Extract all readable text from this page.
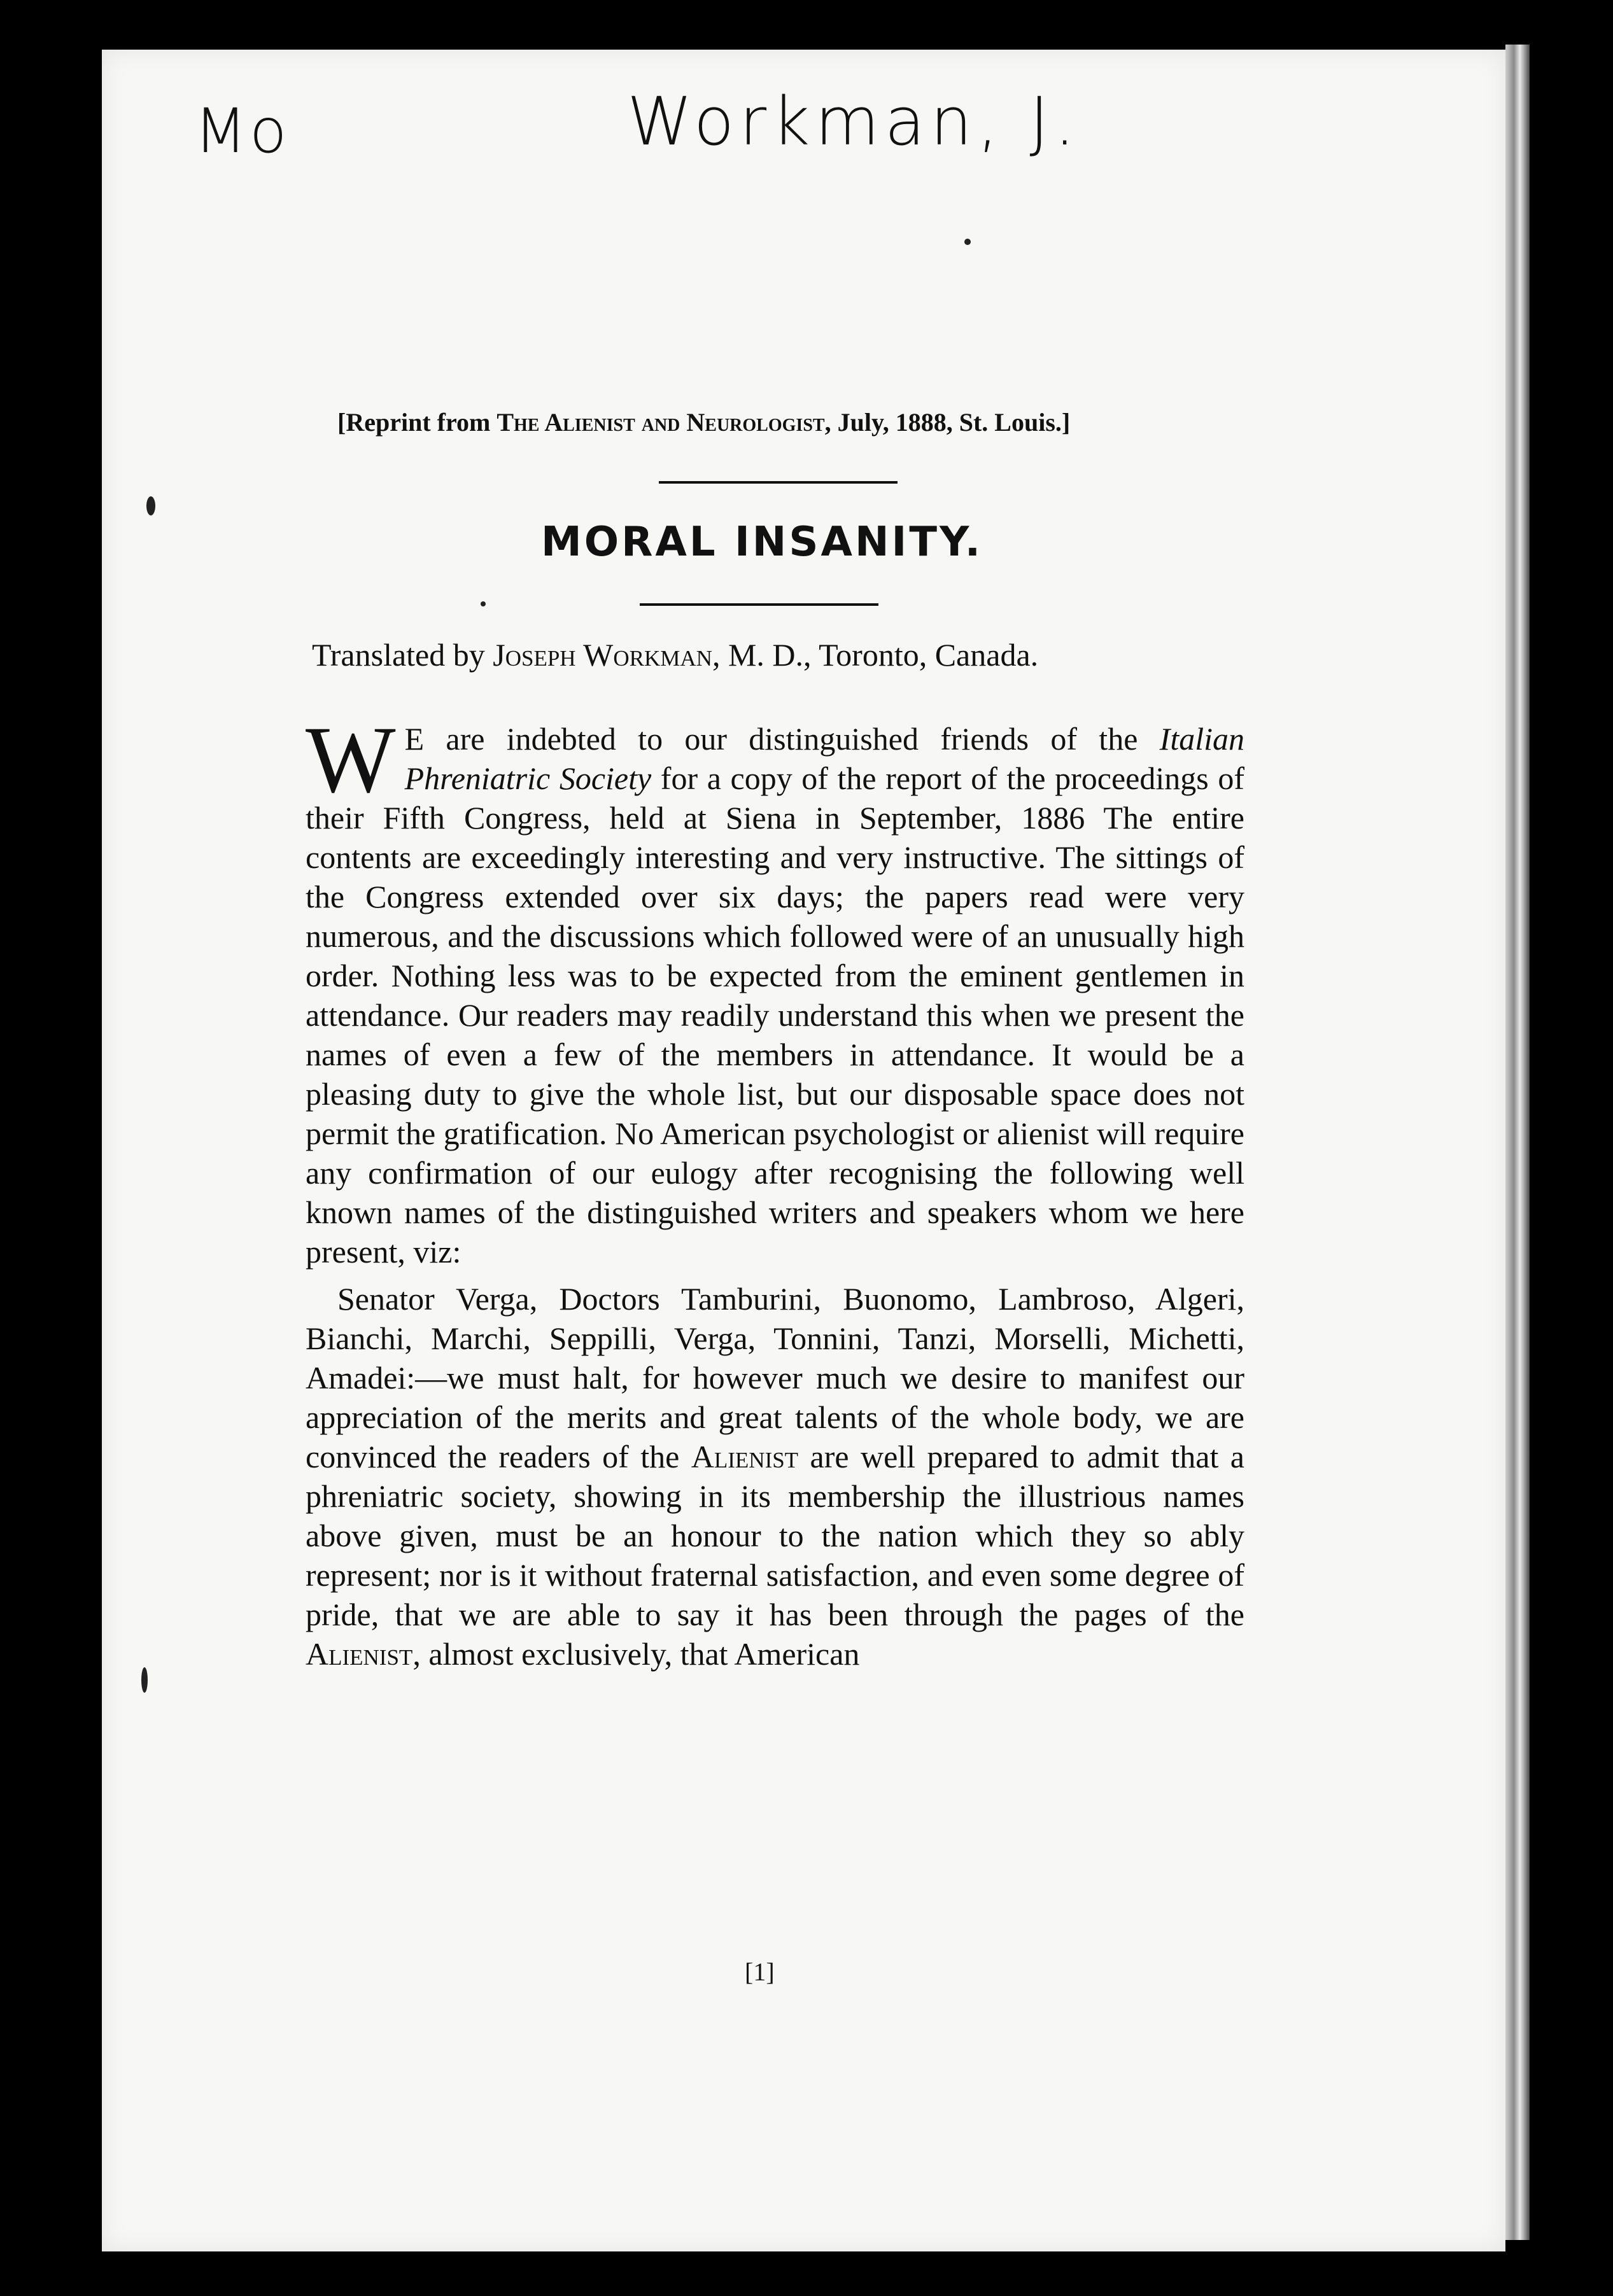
Mo	Workman, J.
[Reprint from The Alienist and Neurologist, July, 1888, St. Louis.]
MORAL INSANITY.
Translated by Joseph Workman, M. D., Toronto, Canada.

W E are indebted to our distinguished friends of the Italian Phreniatric Society for a copy of the report of the proceedings of their Fifth Congress, held at Siena in September, 1886 The entire contents are exceedingly interesting and very instructive. The sittings of the Congress extended over six days; the papers read were very numerous, and the discussions which followed were of an unusually high order. Nothing less was to be expected from the eminent gentlemen in attendance. Our readers may readily understand this when we present the names of even a few of the members in attendance. It would be a pleasing duty to give the whole list, but our disposable space does not permit the gratification. No American psychologist or alienist will require any confirmation of our eulogy after recognising the following well known names of the distinguished writers and speakers whom we here present, viz:

Senator Verga, Doctors Tamburini, Buonomo, Lambroso, Algeri, Bianchi, Marchi, Seppilli, Verga, Tonnini, Tanzi, Morselli, Michetti, Amadei:—we must halt, for however much we desire to manifest our appreciation of the merits and great talents of the whole body, we are convinced the readers of the Alienist are well prepared to admit that a phreniatric society, showing in its membership the illustrious names above given, must be an honour to the nation which they so ably represent; nor is it without fraternal satisfaction, and even some degree of pride, that we are able to say it has been through the pages of the Alienist, almost exclusively, that American

[1]
